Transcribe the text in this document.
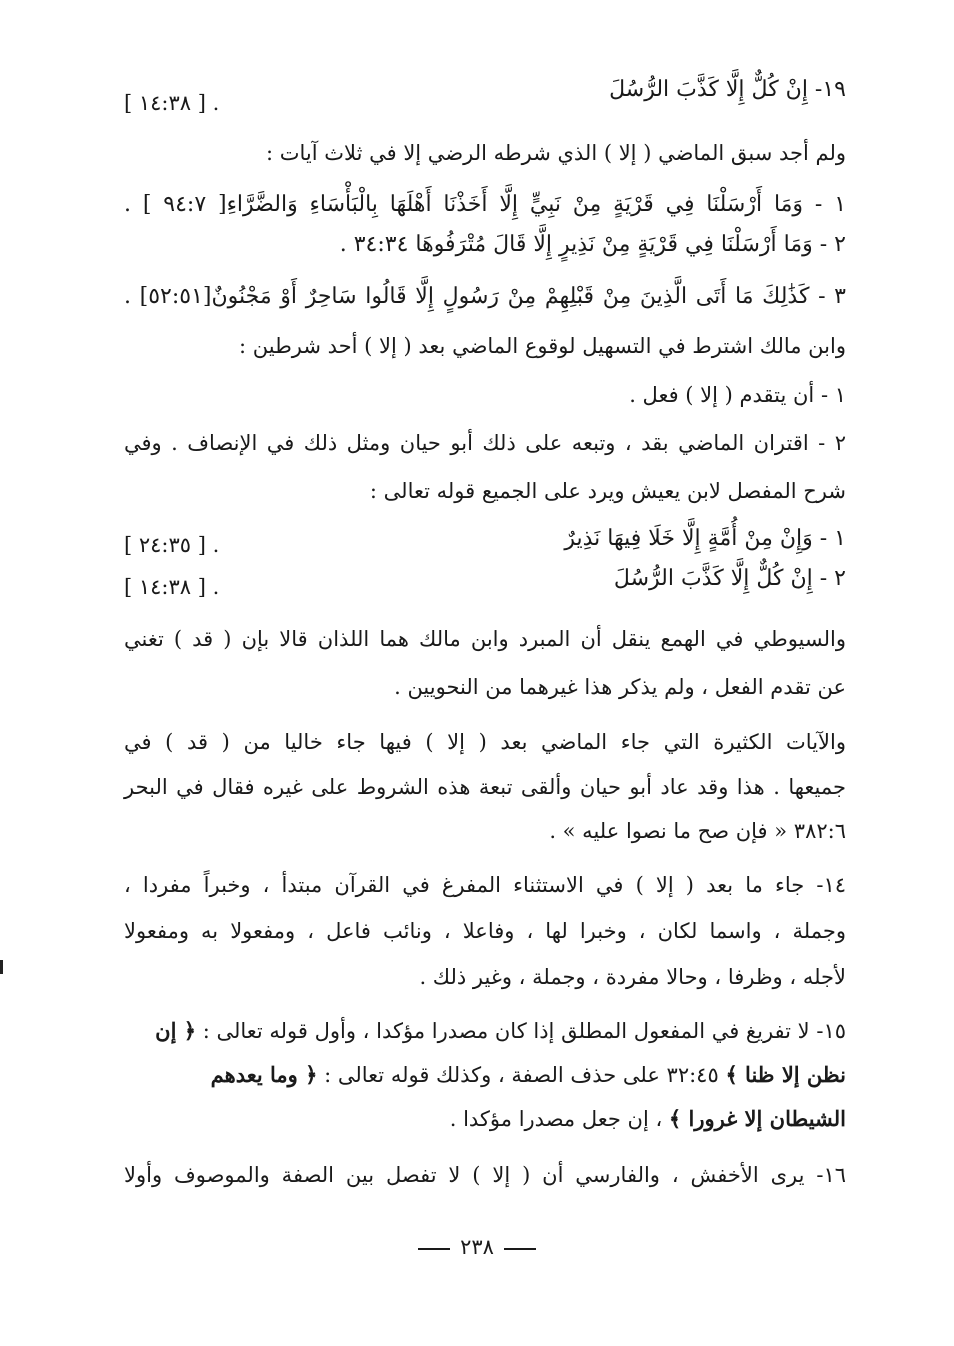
١٩- إِنْ كُلٌّ إِلَّا كَذَّبَ الرُّسُلَ
[ ١٤:٣٨ ] .
ولم أجد سبق الماضي ( إلا ) الذي شرطه الرضي إلا في ثلاث آيات :
١ - وَمَا أَرْسَلْنَا فِي قَرْيَةٍ مِنْ نَبِيٍّ إِلَّا أَخَذْنَا أَهْلَهَا بِالْبَأْسَاءِ وَالضَّرَّاءِ[ ٩٤:٧ ] .
٢ - وَمَا أَرْسَلْنَا فِي قَرْيَةٍ مِنْ نَذِيرٍ إِلَّا قَالَ مُتْرَفُوهَا ٣٤:٣٤ .
٣ - كَذَٰلِكَ مَا أَتَى الَّذِينَ مِنْ قَبْلِهِمْ مِنْ رَسُولٍ إِلَّا قَالُوا سَاحِرٌ أَوْ مَجْنُونٌ[٥٢:٥١] .
وابن مالك اشترط في التسهيل لوقوع الماضي بعد ( إلا ) أحد شرطين :
١ - أن يتقدم ( إلا ) فعل .
٢ - اقتران الماضي بقد ، وتبعه على ذلك أبو حيان ومثل ذلك في الإنصاف . وفي
شرح المفصل لابن يعيش ويرد على الجميع قوله تعالى :
١ - وَإِنْ مِنْ أُمَّةٍ إِلَّا خَلَا فِيهَا نَذِيرٌ
[ ٢٤:٣٥ ] .
٢ - إِنْ كُلٌّ إِلَّا كَذَّبَ الرُّسُلَ
[ ١٤:٣٨ ] .
والسيوطي في الهمع ينقل أن المبرد وابن مالك هما اللذان قالا بإن ( قد ) تغني
عن تقدم الفعل ، ولم يذكر هذا غيرهما من النحويين .
والآيات الكثيرة التي جاء الماضي بعد ( إلا ) فيها جاء خاليا من ( قد ) في
جميعها . هذا وقد عاد أبو حيان وألقى تبعة هذه الشروط على غيره فقال في البحر
٣٨٢:٦ « فإن صح ما نصوا عليه » .
١٤- جاء ما بعد ( إلا ) في الاستثناء المفرغ في القرآن مبتدأ ، وخبراً مفردا ،
وجملة ، واسما لكان ، وخبرا لها ، وفاعلا ، ونائب فاعل ، ومفعولا به ومفعولا
لأجله ، وظرفا ، وحالا مفردة ، وجملة ، وغير ذلك .
١٥- لا تفريغ في المفعول المطلق إذا كان مصدرا مؤكدا ، وأول قوله تعالى : ﴿ إن
نظن إلا ظنا ﴾ ٣٢:٤٥ على حذف الصفة ، وكذلك قوله تعالى : ﴿ وما يعدهم
الشيطان إلا غرورا ﴾ ، إن جعل مصدرا مؤكدا .
١٦- يرى الأخفش ، والفارسي أن ( إلا ) لا تفصل بين الصفة والموصوف وأولا
٢٣٨
